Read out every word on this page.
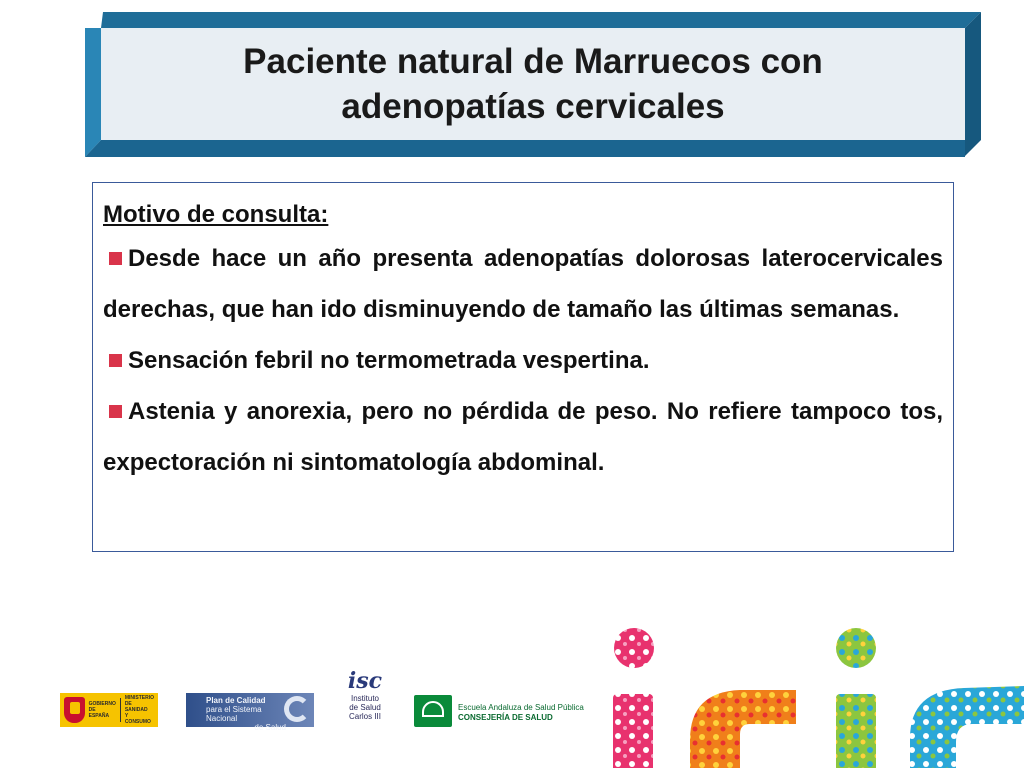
Paciente natural de Marruecos con
adenopatías cervicales
Motivo de consulta:

Desde hace un año presenta adenopatías dolorosas laterocervicales derechas, que han ido disminuyendo de tamaño las últimas semanas.

Sensación febril no termometrada vespertina.

Astenia y anorexia, pero no pérdida de peso. No refiere tampoco tos, expectoración ni sintomatología abdominal.

GOBIERNO
DE ESPAÑA
MINISTERIO
DE SANIDAD
Y CONSUMO
Plan de Calidad
para el Sistema Nacional
de Salud
isc
Instituto
de Salud
Carlos III
Escuela Andaluza de Salud Pública
CONSEJERÍA DE SALUD
